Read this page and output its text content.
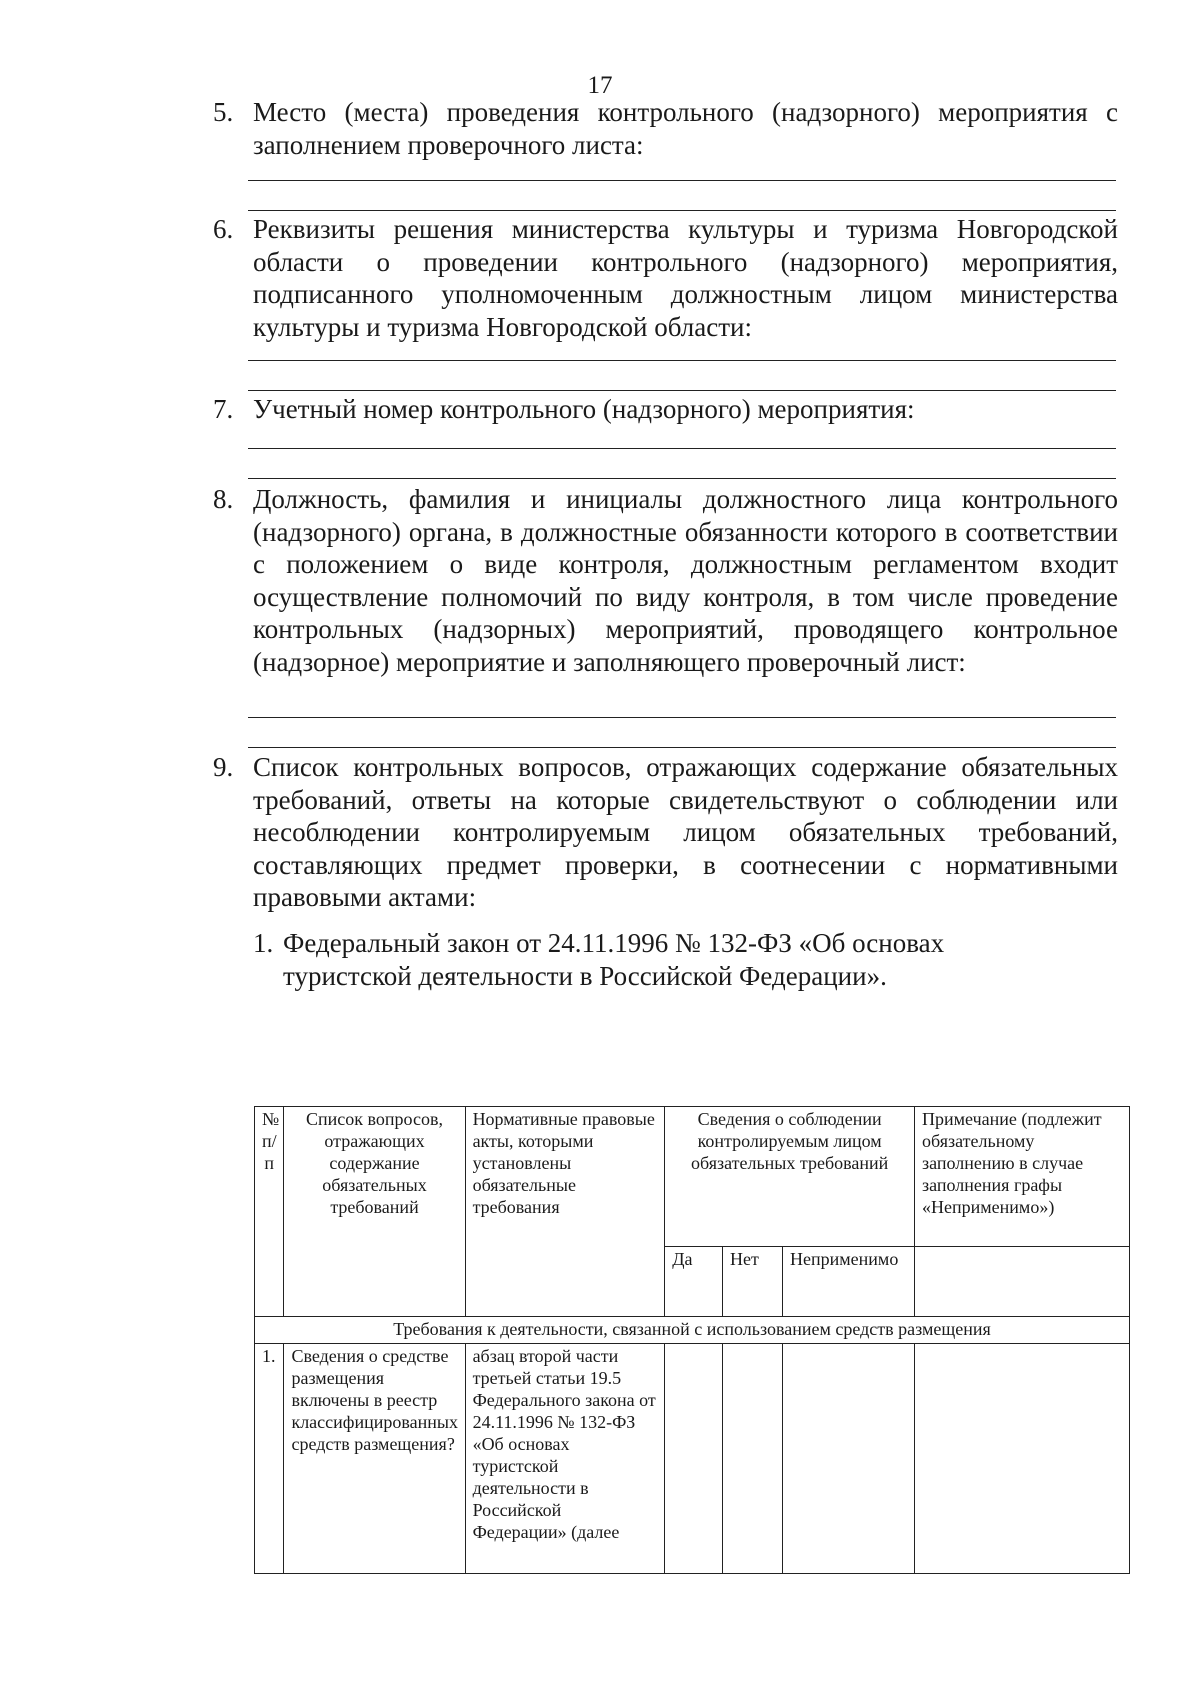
17
5. Место (места) проведения контрольного (надзорного) мероприятия с заполнением проверочного листа:
6. Реквизиты решения министерства культуры и туризма Новгородской области о проведении контрольного (надзорного) мероприятия, подписанного уполномоченным должностным лицом министерства культуры и туризма Новгородской области:
7. Учетный номер контрольного (надзорного) мероприятия:
8. Должность, фамилия и инициалы должностного лица контрольного (надзорного) органа, в должностные обязанности которого в соответствии с положением о виде контроля, должностным регламентом входит осуществление полномочий по виду контроля, в том числе проведение контрольных (надзорных) мероприятий, проводящего контрольное (надзорное) мероприятие и заполняющего проверочный лист:
9. Список контрольных вопросов, отражающих содержание обязательных требований, ответы на которые свидетельствуют о соблюдении или несоблюдении контролируемым лицом обязательных требований, составляющих предмет проверки, в соотнесении с нормативными правовыми актами:
1. Федеральный закон от 24.11.1996 № 132-ФЗ «Об основах
туристской деятельности в Российской Федерации».
№ п/п	Список вопросов, отражающих содержание обязательных требований	Нормативные правовые акты, которыми установлены обязательные требования	Сведения о соблюдении контролируемым лицом обязательных требований			Примечание (подлежит обязательному заполнению в случае заполнения графы «Неприменимо»)
			Да	Нет	Неприменимо	
Требования к деятельности, связанной с использованием средств размещения						
1.	Сведения о средстве размещения включены в реестр классифицированных средств размещения?	абзац второй части третьей статьи 19.5 Федерального закона от 24.11.1996 № 132-ФЗ «Об основах туристской деятельности в Российской Федерации» (далее				
